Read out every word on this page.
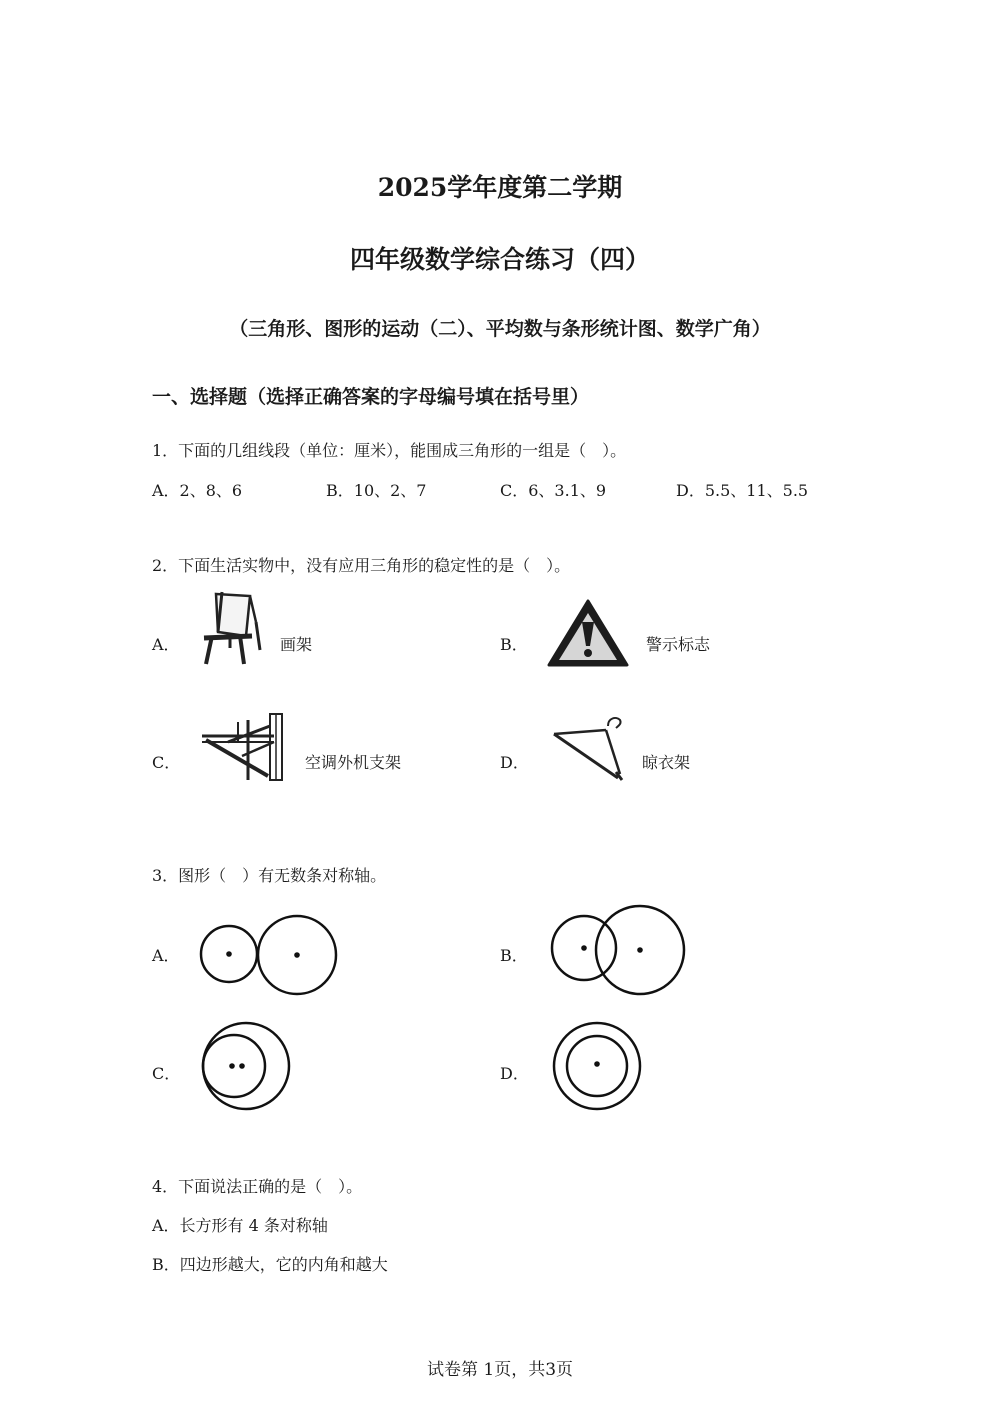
2025学年度第二学期
四年级数学综合练习（四）
（三角形、图形的运动（二）、平均数与条形统计图、数学广角）
一、选择题（选择正确答案的字母编号填在括号里）
1．下面的几组线段（单位：厘米），能围成三角形的一组是（　）。
A．2、8、6	B．10、2、7	C．6、3.1、9	D．5.5、11、5.5
2．下面生活实物中，没有应用三角形的稳定性的是（　）。
A．	画架	B．	警示标志
C．	空调外机支架	D．	晾衣架
3．图形（　）有无数条对称轴。
A．	B．
C．	D．
4．下面说法正确的是（　）。
A．长方形有 4 条对称轴
B．四边形越大，它的内角和越大
试卷第 1页，共3页
